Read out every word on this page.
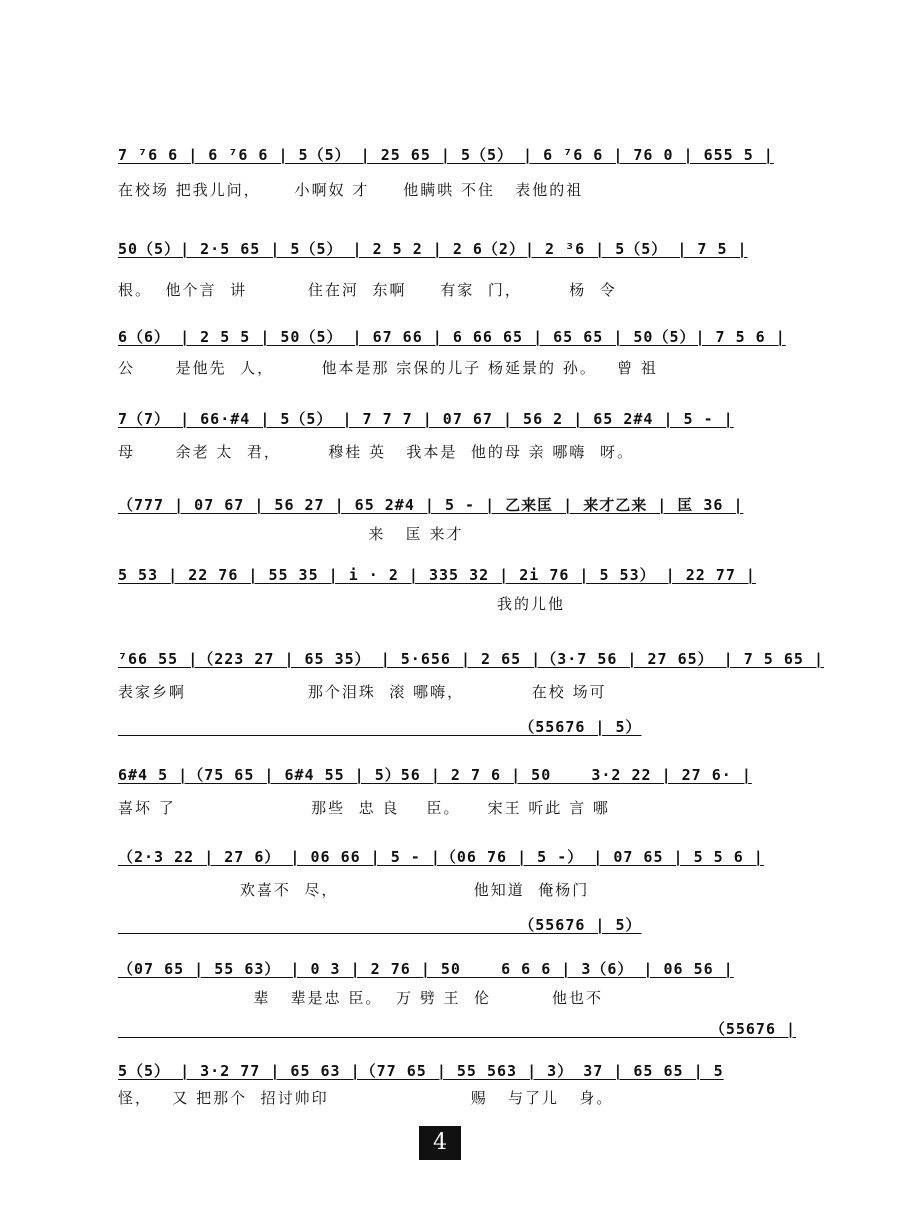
7 ⁷6 6 | 6 ⁷6 6 | 5（5） | 25 65 | 5（5） | 6 ⁷6 6 | 76 0 | 655 5 |
在校场 把我儿问，     小啊奴 才     他瞒哄 不住   表他的祖
50（5）| 2·5 65 | 5（5） | 2 5 2 | 2 6（2）| 2 ³6 | 5（5） | 7 5 |
根。  他个言  讲         住在河  东啊     有家  门，       杨  令
6（6） | 2 5 5 | 50（5） | 67 66 | 6 66 65 | 65 65 | 50（5）| 7 5 6 |
公      是他先  人，       他本是那 宗保的儿子 杨延景的 孙。   曾 祖
7（7） | 66·#4 | 5（5） | 7 7 7 | 07 67 | 56 2 | 65 2#4 | 5 - |
母      余老 太  君，       穆桂 英   我本是  他的母 亲 哪嗨  呀。
（777 | 07 67 | 56 27 | 65 2#4 | 5 - | 乙来匡 | 来才乙来 | 匡 36 |
来   匡 来才
5 53 | 22 76 | 55 35 | i · 2 | 335 32 | 2i 76 | 5 53） | 22 77 |
我的儿他
⁷66 55 |（223 27 | 65 35） | 5·656 | 2 65 |（3·7 56 | 27 65） | 7 5 65 |
表家乡啊                  那个泪珠  滚 哪嗨，          在校 场可
（55676 | 5）
6#4 5 |（75 65 | 6#4 55 | 5）56 | 2 7 6 | 50    3·2 22 | 27 6· |
喜坏 了                    那些  忠 良    臣。    宋王 听此 言 哪
（2·3 22 | 27 6） | 06 66 | 5 - |（06 76 | 5 -） | 07 65 | 5 5 6 |
欢喜不  尽，                    他知道  俺杨门
（55676 | 5）
（07 65 | 55 63） | 0 3 | 2 76 | 50    6 6 6 | 3（6） | 06 56 |
辈   辈是忠 臣。  万 劈 王  伦         他也不
（55676 |
5（5） | 3·2 77 | 65 63 |（77 65 | 55 563 | 3） 37 | 65 65 | 5
怪，   又 把那个  招讨帅印                     赐   与了儿   身。
4
